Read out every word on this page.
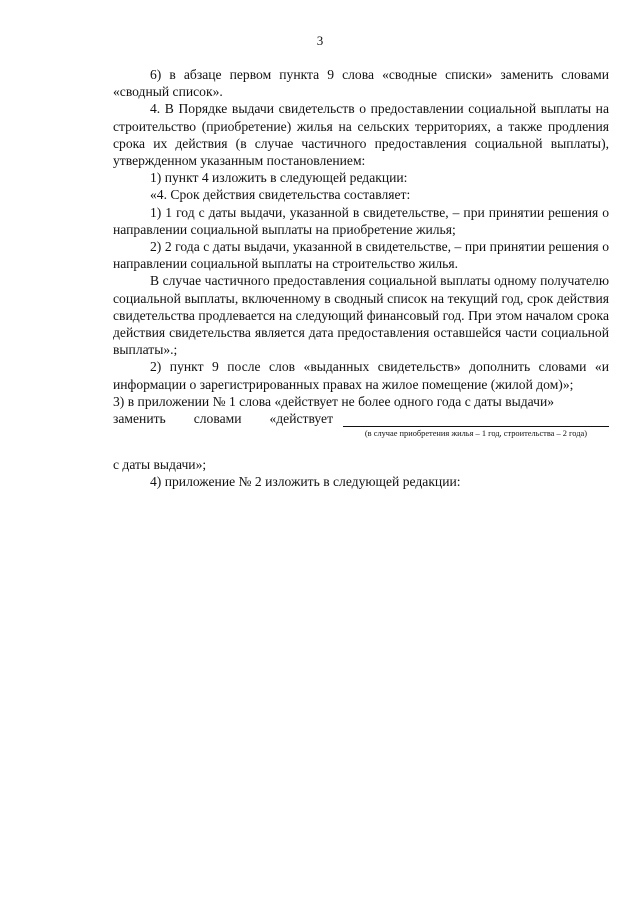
3

6) в абзаце первом пункта 9 слова «сводные списки» заменить словами «сводный список».

4. В Порядке выдачи свидетельств о предоставлении социальной выплаты на строительство (приобретение) жилья на сельских территориях, а также продления срока их действия (в случае частичного предоставления социальной выплаты), утвержденном указанным постановлением:

1) пункт 4 изложить в следующей редакции:

«4. Срок действия свидетельства составляет:

1) 1 год с даты выдачи, указанной в свидетельстве, – при принятии решения о направлении социальной выплаты на приобретение жилья;

2) 2 года с даты выдачи, указанной в свидетельстве, – при принятии решения о направлении социальной выплаты на строительство жилья.

В случае частичного предоставления социальной выплаты одному получателю социальной выплаты, включенному в сводный список на текущий год, срок действия свидетельства продлевается на следующий финансовый год. При этом началом срока действия свидетельства является дата предоставления оставшейся части социальной выплаты».;

2) пункт 9 после слов «выданных свидетельств» дополнить словами «и информации о зарегистрированных правах на жилое помещение (жилой дом)»;

3) в приложении № 1 слова «действует не более одного года с даты выдачи»

заменить словами «действует
(в случае приобретения жилья – 1 год, строительства – 2 года)

с даты выдачи»;

4) приложение № 2 изложить в следующей редакции:
